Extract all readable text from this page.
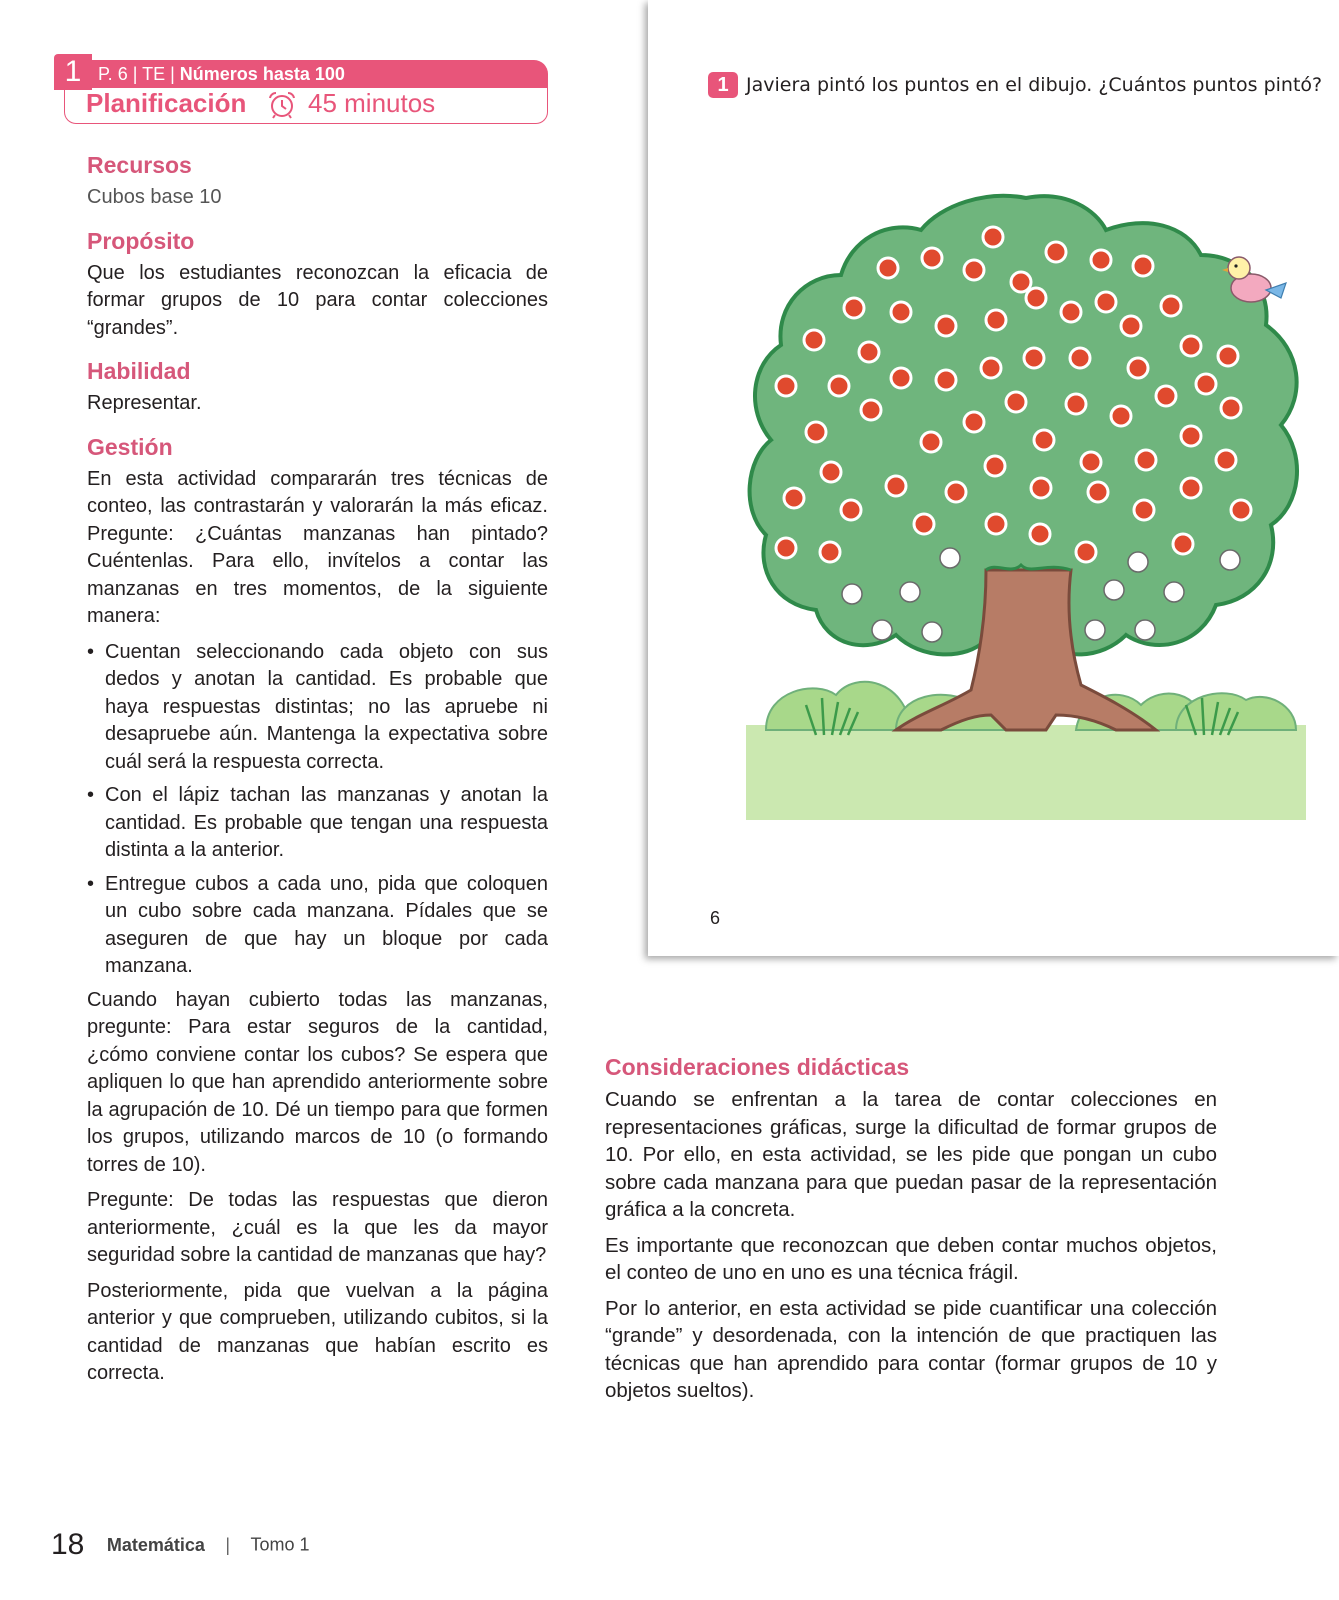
P. 6 | TE | Números hasta 100
1
Planificación 45 minutos
Recursos
Cubos base 10
Propósito
Que los estudiantes reconozcan la eficacia de formar grupos de 10 para contar colecciones “grandes”.
Habilidad
Representar.
Gestión
En esta actividad compararán tres técnicas de conteo, las contrastarán y valorarán la más eficaz. Pregunte: ¿Cuántas manzanas han pintado? Cuéntenlas. Para ello, invítelos a contar las manzanas en tres momentos, de la siguiente manera:
• Cuentan seleccionando cada objeto con sus dedos y anotan la cantidad. Es probable que haya respuestas distintas; no las apruebe ni desapruebe aún. Mantenga la expectativa sobre cuál será la respuesta correcta.
• Con el lápiz tachan las manzanas y anotan la cantidad. Es probable que tengan una respuesta distinta a la anterior.
• Entregue cubos a cada uno, pida que coloquen un cubo sobre cada manzana. Pídales que se aseguren de que hay un bloque por cada manzana.
Cuando hayan cubierto todas las manzanas, pregunte: Para estar seguros de la cantidad, ¿cómo conviene contar los cubos? Se espera que apliquen lo que han aprendido anteriormente sobre la agrupación de 10. Dé un tiempo para que formen los grupos, utilizando marcos de 10 (o formando torres de 10).
Pregunte: De todas las respuestas que dieron anteriormente, ¿cuál es la que les da mayor seguridad sobre la cantidad de manzanas que hay?
Posteriormente, pida que vuelvan a la página anterior y que comprueben, utilizando cubitos, si la cantidad de manzanas que habían escrito es correcta.
1 Javiera pintó los puntos en el dibujo. ¿Cuántos puntos pintó?
6
Consideraciones didácticas
Cuando se enfrentan a la tarea de contar colecciones en representaciones gráficas, surge la dificultad de formar grupos de 10. Por ello, en esta actividad, se les pide que pongan un cubo sobre cada manzana para que puedan pasar de la representación gráfica a la concreta.
Es importante que reconozcan que deben contar muchos objetos, el conteo de uno en uno es una técnica frágil.
Por lo anterior, en esta actividad se pide cuantificar una colección “grande” y desordenada, con la intención de que practiquen las técnicas que han aprendido para contar (formar grupos de 10 y objetos sueltos).
18 Matemática | Tomo 1
